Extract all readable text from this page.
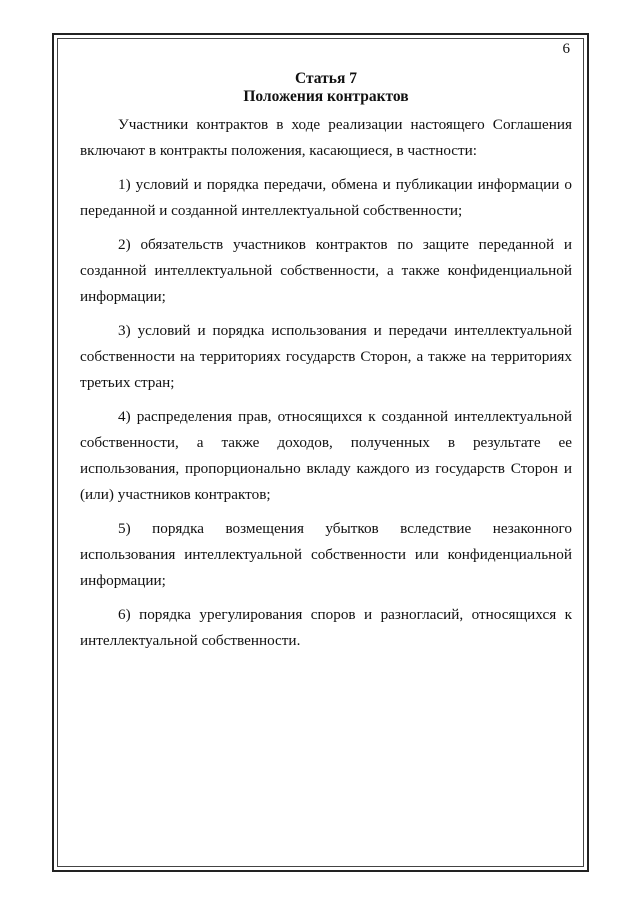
6

Статья 7

Положения контрактов

Участники контрактов в ходе реализации настоящего Соглашения включают в контракты положения, касающиеся, в частности:

1) условий и порядка передачи, обмена и публикации информации о переданной и созданной интеллектуальной собственности;

2) обязательств участников контрактов по защите переданной и созданной интеллектуальной собственности, а также конфиденциальной информации;

3) условий и порядка использования и передачи интеллектуальной собственности на территориях государств Сторон, а также на территориях третьих стран;

4) распределения прав, относящихся к созданной интеллектуальной собственности, а также доходов, полученных в результате ее использования, пропорционально вкладу каждого из государств Сторон и (или) участников контрактов;

5) порядка возмещения убытков вследствие незаконного использования интеллектуальной собственности или конфиденциальной информации;

6) порядка урегулирования споров и разногласий, относящихся к интеллектуальной собственности.
